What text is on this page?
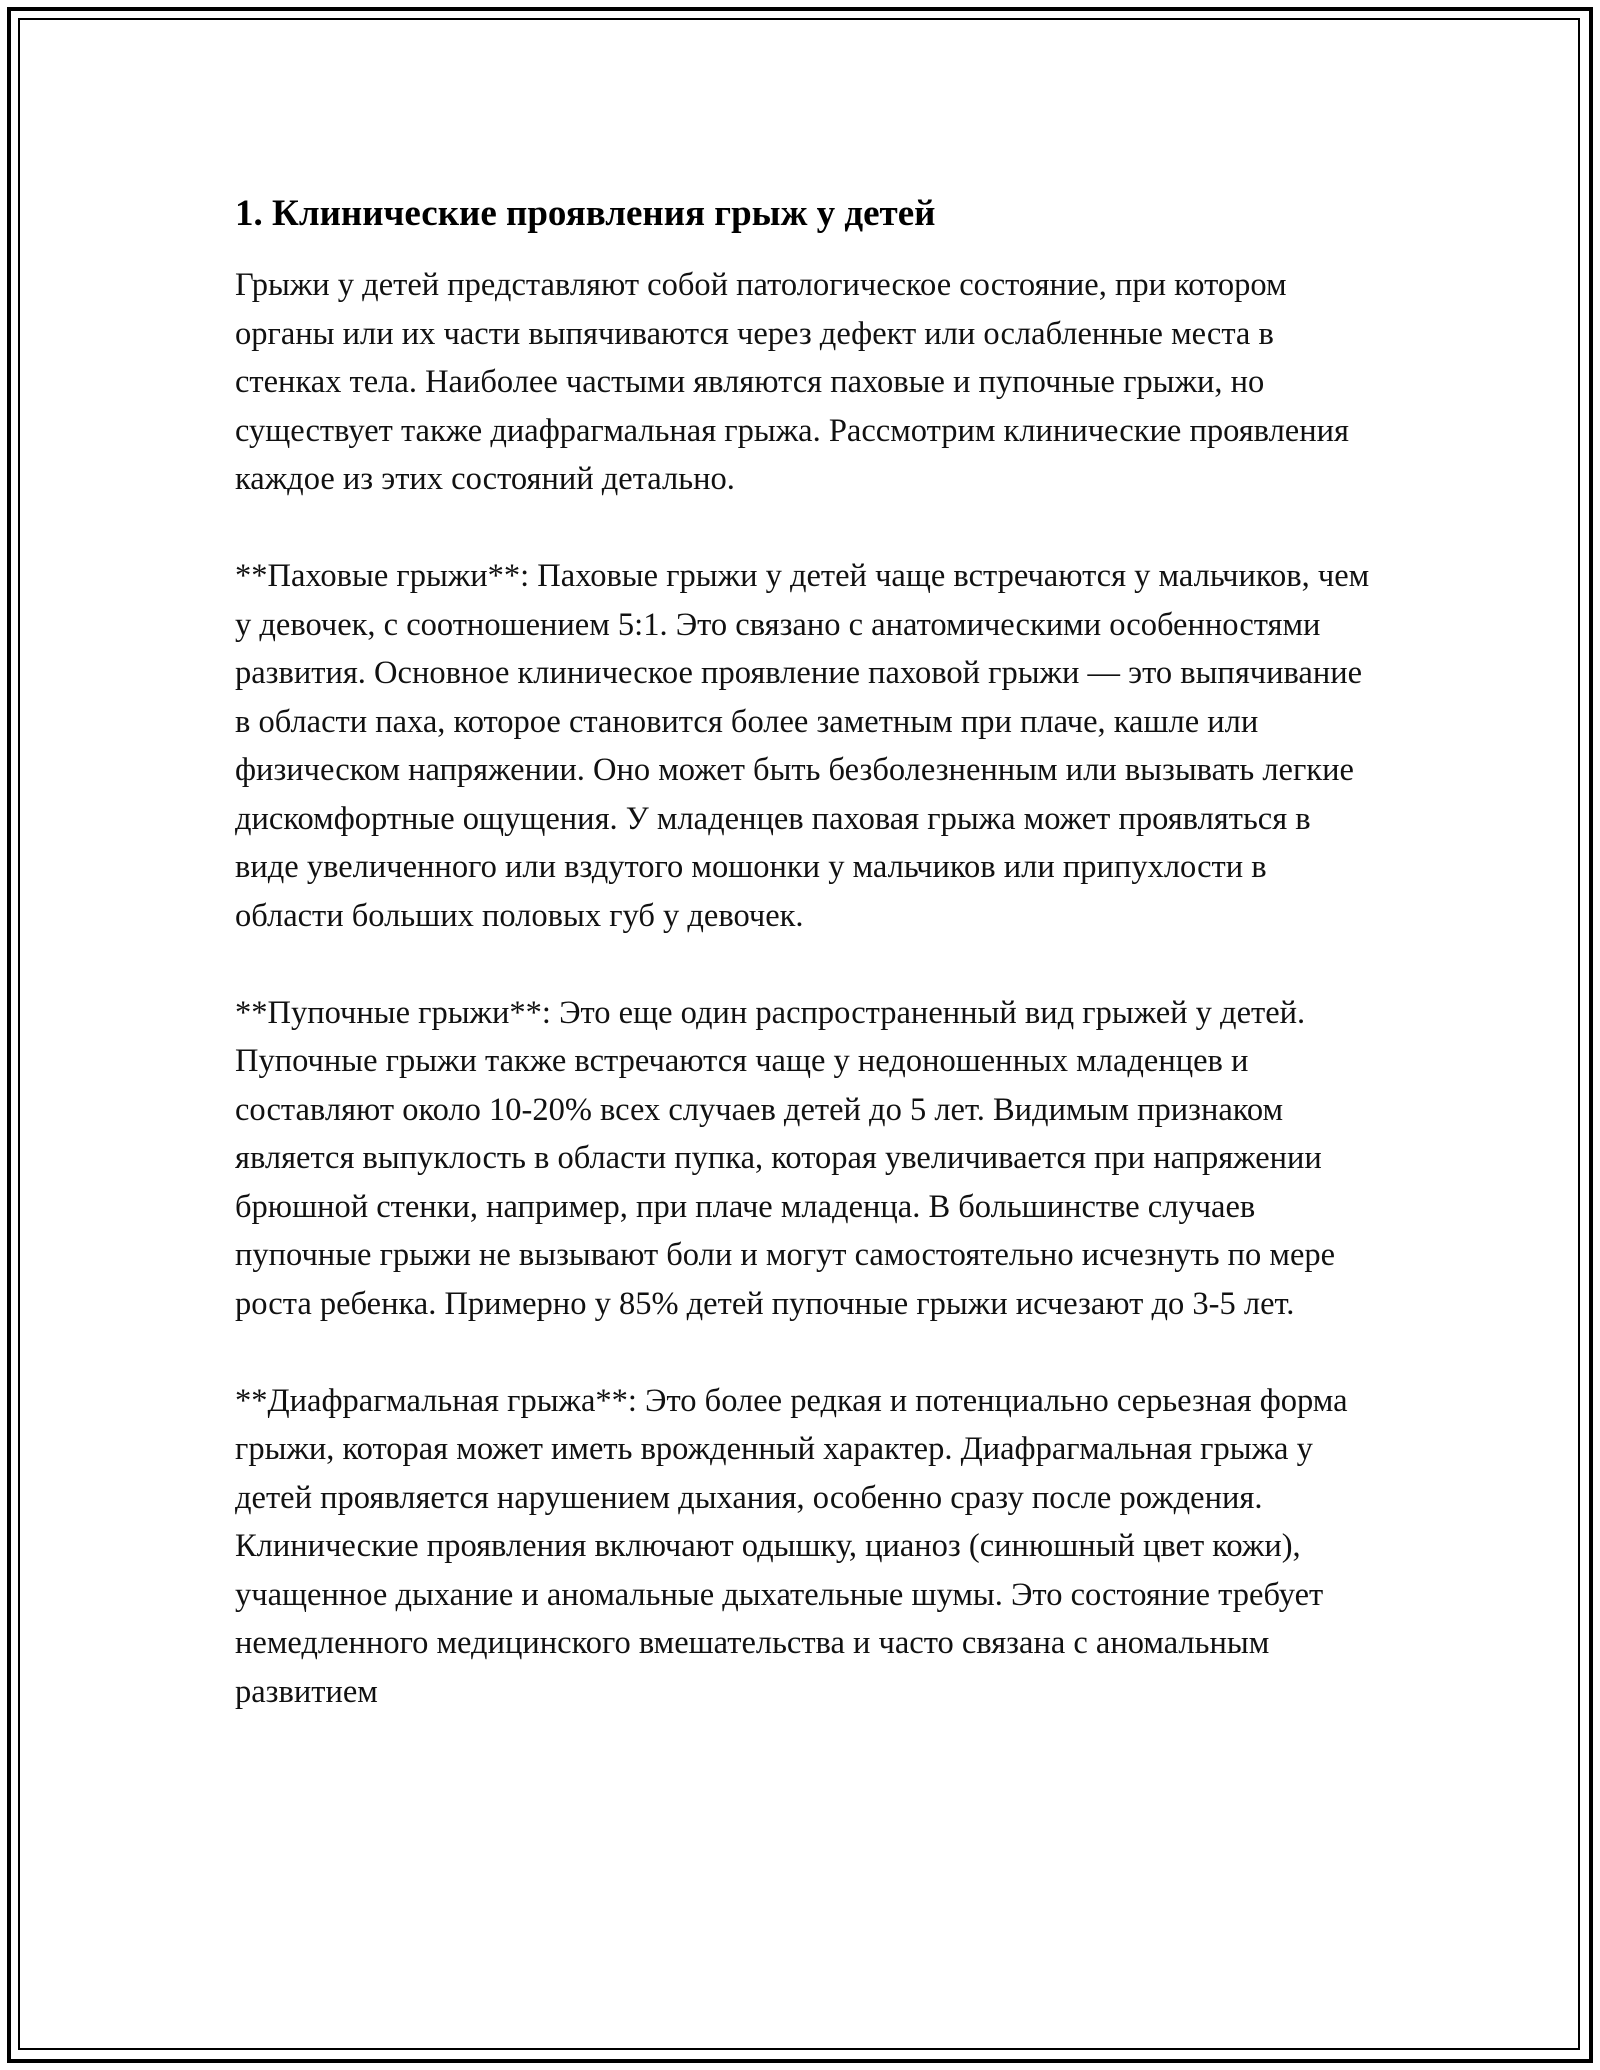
1. Клинические проявления грыж у детей

Грыжи у детей представляют собой патологическое состояние, при котором органы или их части выпячиваются через дефект или ослабленные места в стенках тела. Наиболее частыми являются паховые и пупочные грыжи, но существует также диафрагмальная грыжа. Рассмотрим клинические проявления каждое из этих состояний детально.

**Паховые грыжи**: Паховые грыжи у детей чаще встречаются у мальчиков, чем у девочек, с соотношением 5:1. Это связано с анатомическими особенностями развития. Основное клиническое проявление паховой грыжи — это выпячивание в области паха, которое становится более заметным при плаче, кашле или физическом напряжении. Оно может быть безболезненным или вызывать легкие дискомфортные ощущения. У младенцев паховая грыжа может проявляться в виде увеличенного или вздутого мошонки у мальчиков или припухлости в области больших половых губ у девочек.

**Пупочные грыжи**: Это еще один распространенный вид грыжей у детей. Пупочные грыжи также встречаются чаще у недоношенных младенцев и составляют около 10-20% всех случаев детей до 5 лет. Видимым признаком является выпуклость в области пупка, которая увеличивается при напряжении брюшной стенки, например, при плаче младенца. В большинстве случаев пупочные грыжи не вызывают боли и могут самостоятельно исчезнуть по мере роста ребенка. Примерно у 85% детей пупочные грыжи исчезают до 3-5 лет.

**Диафрагмальная грыжа**: Это более редкая и потенциально серьезная форма грыжи, которая может иметь врожденный характер. Диафрагмальная грыжа у детей проявляется нарушением дыхания, особенно сразу после рождения. Клинические проявления включают одышку, цианоз (синюшный цвет кожи), учащенное дыхание и аномальные дыхательные шумы. Это состояние требует немедленного медицинского вмешательства и часто связана с аномальным развитием
